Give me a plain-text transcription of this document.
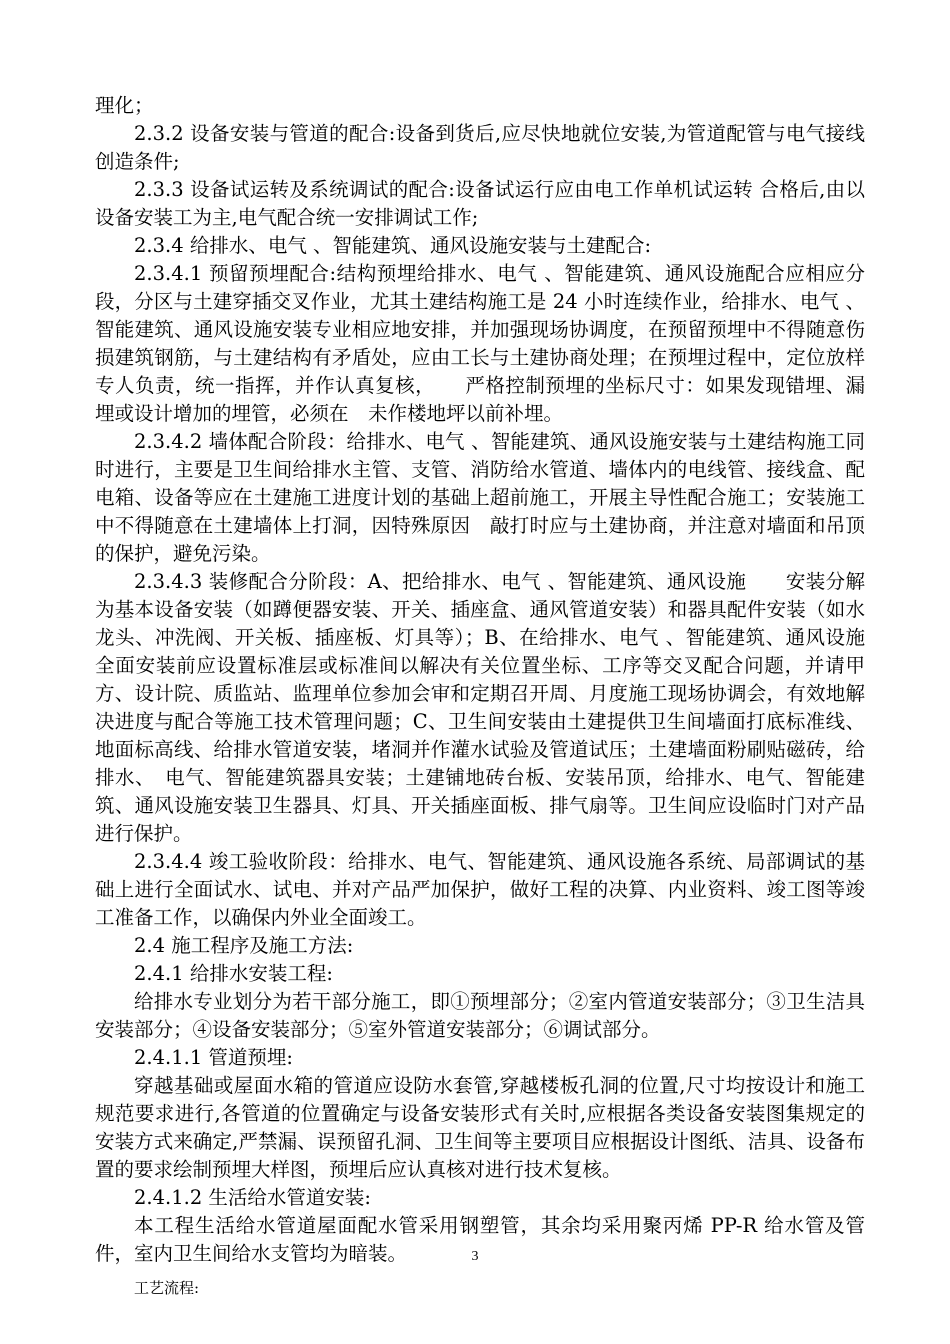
理化；

2.3.2 设备安装与管道的配合:设备到货后,应尽快地就位安装,为管道配管与电气接线创造条件;

2.3.3 设备试运转及系统调试的配合:设备试运行应由电工作单机试运转 合格后,由以设备安装工为主,电气配合统一安排调试工作;

2.3.4 给排水、电气 、智能建筑、通风设施安装与土建配合:

2.3.4.1 预留预埋配合:结构预埋给排水、电气 、智能建筑、通风设施配合应相应分段，分区与土建穿插交叉作业，尤其土建结构施工是 24 小时连续作业，给排水、电气 、智能建筑、通风设施安装专业相应地安排，并加强现场协调度，在预留预埋中不得随意伤损建筑钢筋，与土建结构有矛盾处，应由工长与土建协商处理；在预埋过程中，定位放样专人负责，统一指挥，并作认真复核，　　严格控制预埋的坐标尺寸：如果发现错埋、漏埋或设计增加的埋管，必须在　未作楼地坪以前补埋。

2.3.4.2 墙体配合阶段：给排水、电气 、智能建筑、通风设施安装与土建结构施工同时进行，主要是卫生间给排水主管、支管、消防给水管道、墙体内的电线管、接线盒、配电箱、设备等应在土建施工进度计划的基础上超前施工，开展主导性配合施工；安装施工中不得随意在土建墙体上打洞，因特殊原因　敲打时应与土建协商，并注意对墙面和吊顶的保护，避免污染。

2.3.4.3 装修配合分阶段：A、把给排水、电气 、智能建筑、通风设施　　安装分解为基本设备安装（如蹲便器安装、开关、插座盒、通风管道安装）和器具配件安装（如水龙头、冲洗阀、开关板、插座板、灯具等）；B、在给排水、电气 、智能建筑、通风设施全面安装前应设置标准层或标准间以解决有关位置坐标、工序等交叉配合问题，并请甲方、设计院、质监站、监理单位参加会审和定期召开周、月度施工现场协调会，有效地解决进度与配合等施工技术管理问题；C、卫生间安装由土建提供卫生间墙面打底标准线、地面标高线、给排水管道安装，堵洞并作灌水试验及管道试压；土建墙面粉刷贴磁砖，给排水、　电气、智能建筑器具安装；土建铺地砖台板、安装吊顶，给排水、电气、智能建筑、通风设施安装卫生器具、灯具、开关插座面板、排气扇等。卫生间应设临时门对产品进行保护。

2.3.4.4 竣工验收阶段：给排水、电气、智能建筑、通风设施各系统、局部调试的基础上进行全面试水、试电、并对产品严加保护，做好工程的决算、内业资料、竣工图等竣工准备工作，以确保内外业全面竣工。

2.4 施工程序及施工方法:

2.4.1 给排水安装工程:

给排水专业划分为若干部分施工，即①预埋部分；②室内管道安装部分；③卫生洁具安装部分；④设备安装部分；⑤室外管道安装部分；⑥调试部分。

2.4.1.1 管道预埋:

穿越基础或屋面水箱的管道应设防水套管,穿越楼板孔洞的位置,尺寸均按设计和施工规范要求进行,各管道的位置确定与设备安装形式有关时,应根据各类设备安装图集规定的安装方式来确定,严禁漏、误预留孔洞、卫生间等主要项目应根据设计图纸、洁具、设备布置的要求绘制预埋大样图，预埋后应认真核对进行技术复核。

2.4.1.2 生活给水管道安装:

本工程生活给水管道屋面配水管采用钢塑管，其余均采用聚丙烯 PP-R 给水管及管件，室内卫生间给水支管均为暗装。

工艺流程:

3
